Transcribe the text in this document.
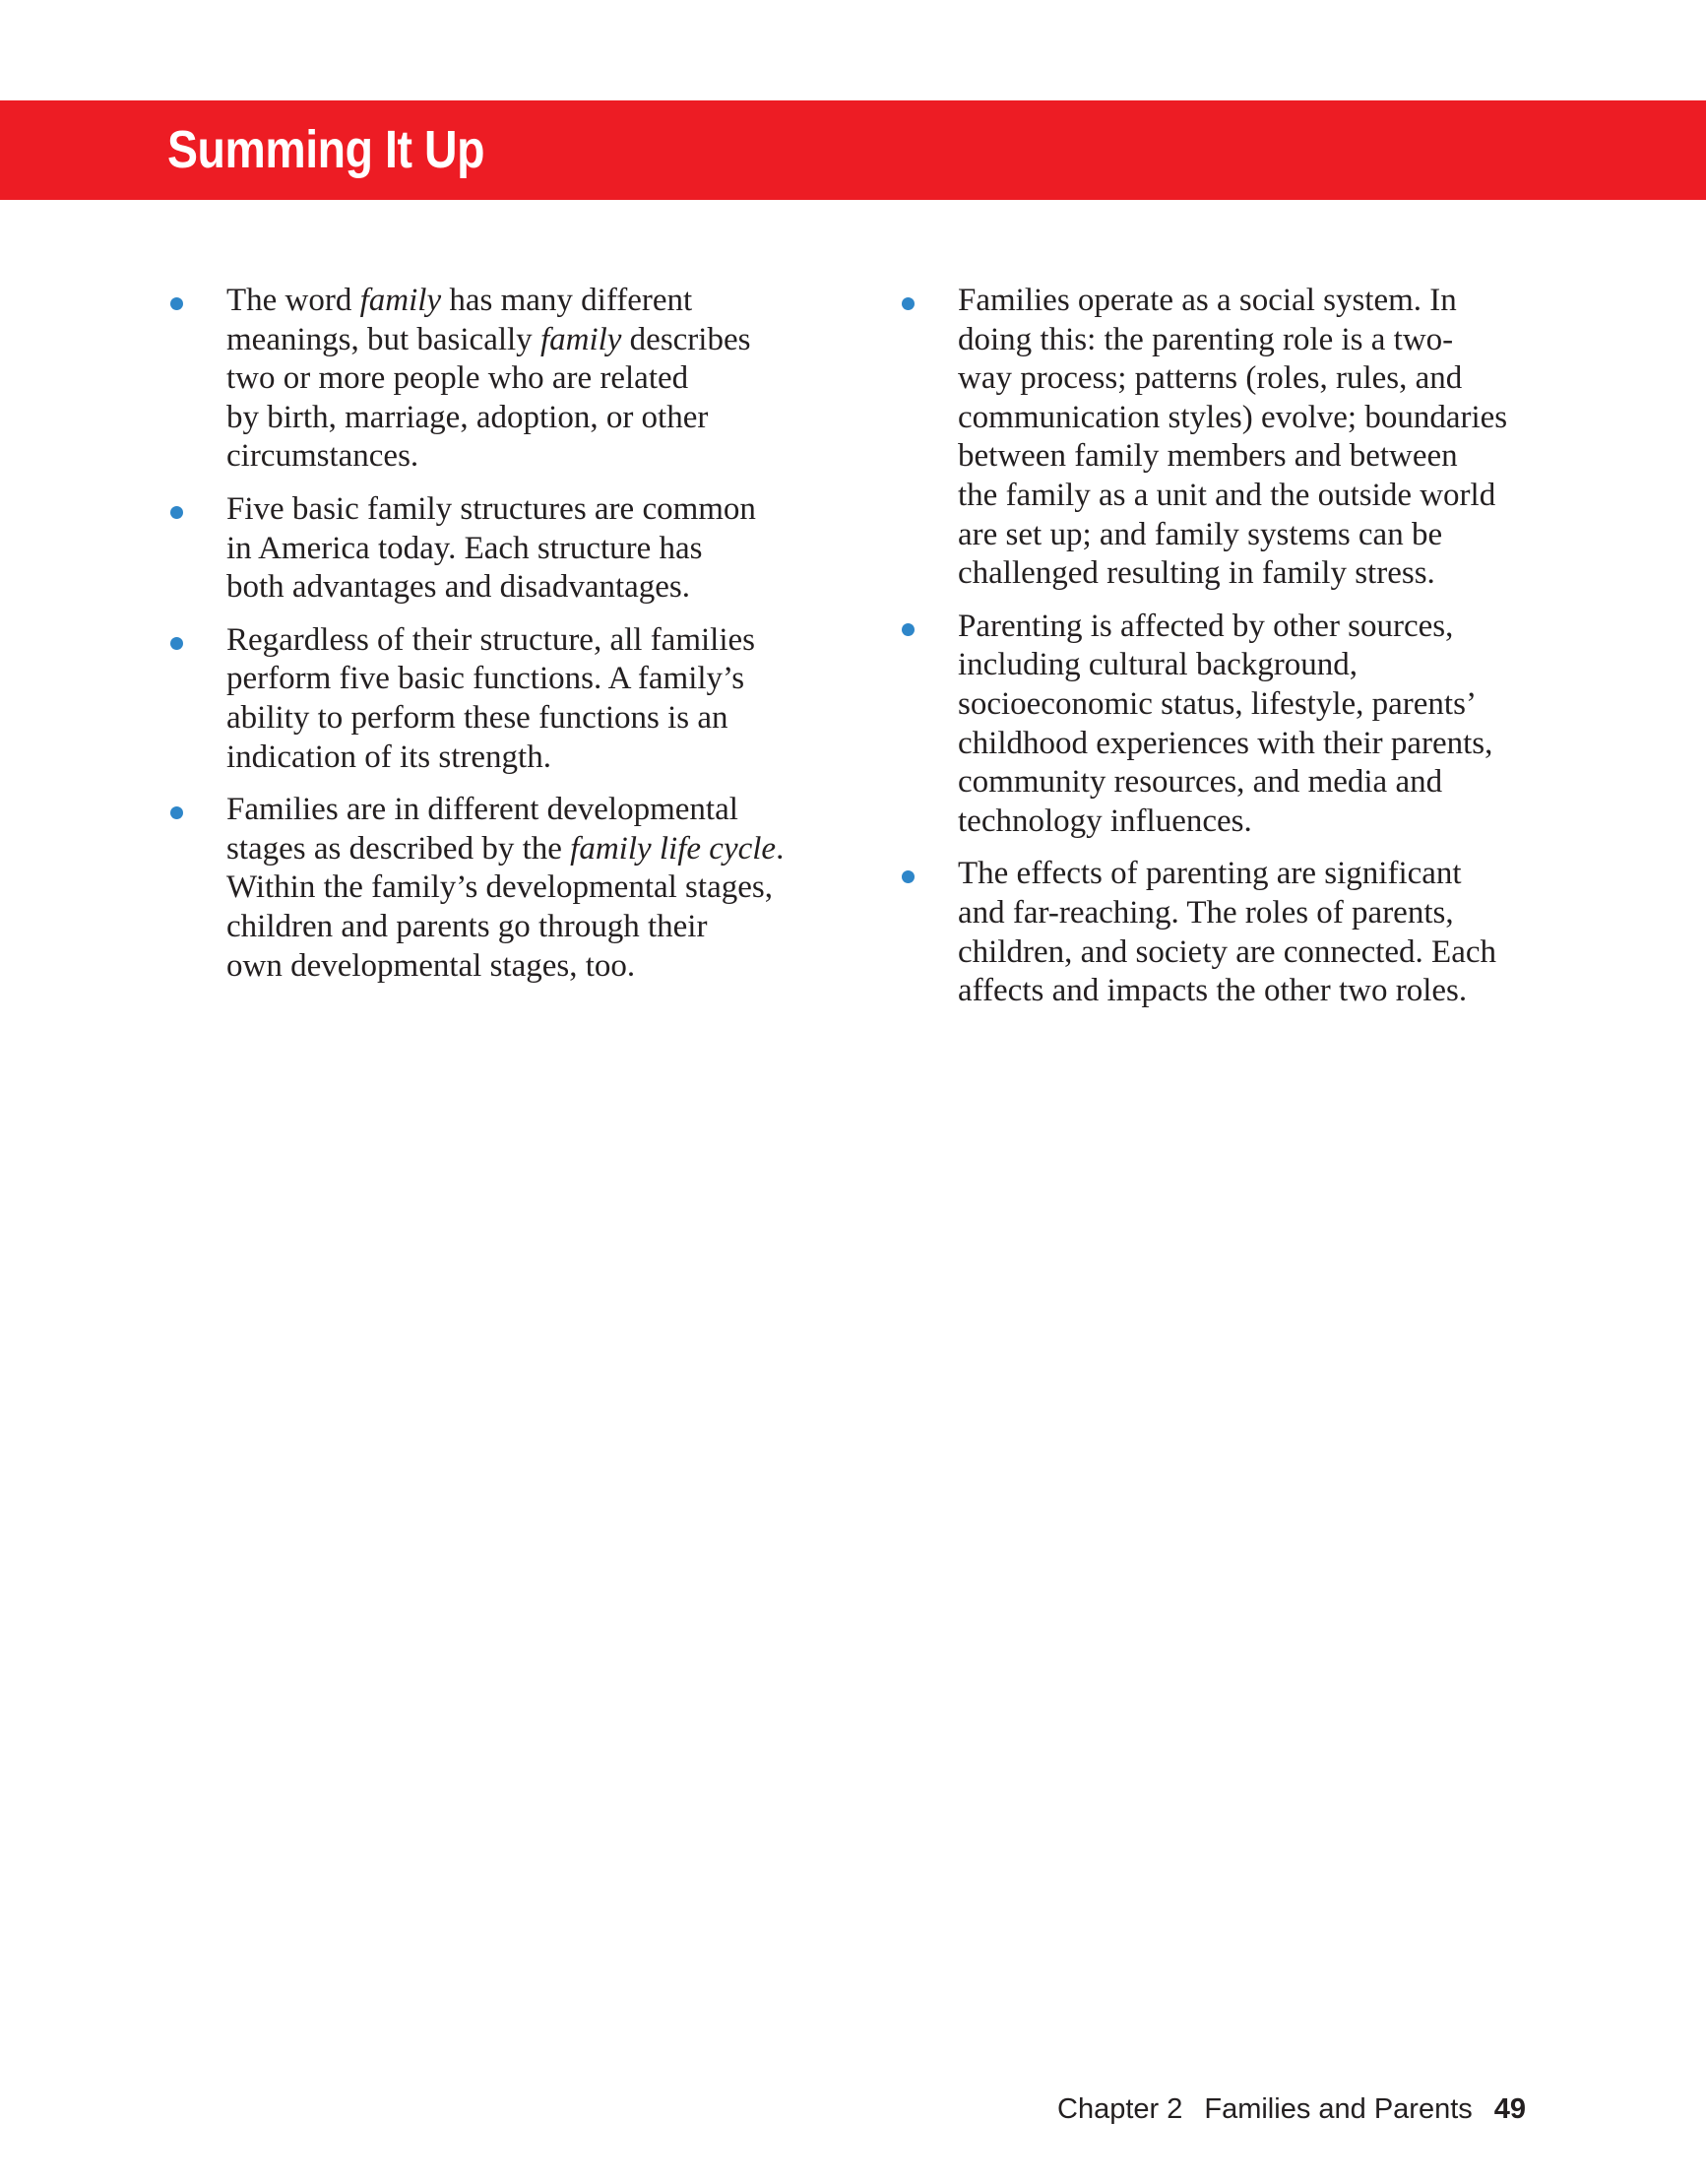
Summing It Up
The word family has many different
meanings, but basically family describes
two or more people who are related
by birth, marriage, adoption, or other
circumstances.
Five basic family structures are common
in America today. Each structure has
both advantages and disadvantages.
Regardless of their structure, all families
perform five basic functions. A family’s
ability to perform these functions is an
indication of its strength.
Families are in different developmental
stages as described by the family life cycle.
Within the family’s developmental stages,
children and parents go through their
own developmental stages, too.
Families operate as a social system. In
doing this: the parenting role is a two-
way process; patterns (roles, rules, and
communication styles) evolve; boundaries
between family members and between
the family as a unit and the outside world
are set up; and family systems can be
challenged resulting in family stress.
Parenting is affected by other sources,
including cultural background,
socioeconomic status, lifestyle, parents’
childhood experiences with their parents,
community resources, and media and
technology influences.
The effects of parenting are significant
and far-reaching. The roles of parents,
children, and society are connected. Each
affects and impacts the other two roles.
Chapter 2 Families and Parents 49
